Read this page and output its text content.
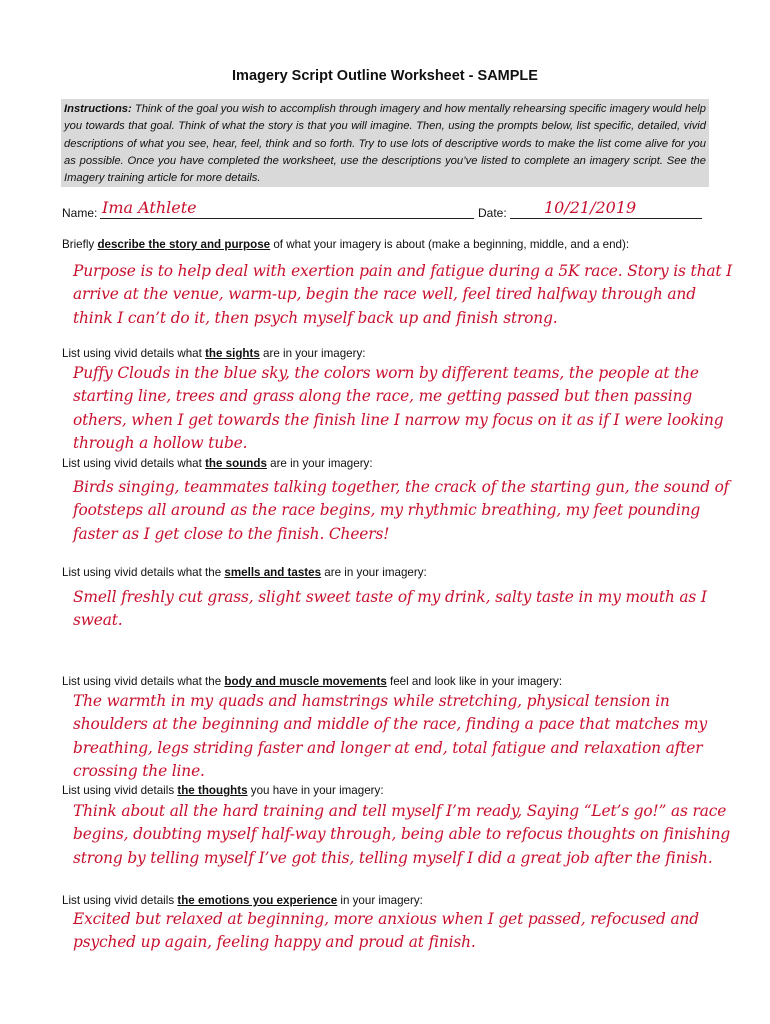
Imagery Script Outline Worksheet - SAMPLE
Instructions: Think of the goal you wish to accomplish through imagery and how mentally rehearsing specific imagery would help you towards that goal. Think of what the story is that you will imagine. Then, using the prompts below, list specific, detailed, vivid descriptions of what you see, hear, feel, think and so forth. Try to use lots of descriptive words to make the list come alive for you as possible. Once you have completed the worksheet, use the descriptions you’ve listed to complete an imagery script. See the Imagery training article for more details.
Name: Ima Athlete	Date: 10/21/2019
Briefly describe the story and purpose of what your imagery is about (make a beginning, middle, and a end):
Purpose is to help deal with exertion pain and fatigue during a 5K race. Story is that I arrive at the venue, warm-up, begin the race well, feel tired halfway through and think I can’t do it, then psych myself back up and finish strong.
List using vivid details what the sights are in your imagery:
Puffy Clouds in the blue sky, the colors worn by different teams, the people at the starting line, trees and grass along the race, me getting passed but then passing others, when I get towards the finish line I narrow my focus on it as if I were looking through a hollow tube.
List using vivid details what the sounds are in your imagery:
Birds singing, teammates talking together, the crack of the starting gun, the sound of footsteps all around as the race begins, my rhythmic breathing, my feet pounding faster as I get close to the finish. Cheers!
List using vivid details what the smells and tastes are in your imagery:
Smell freshly cut grass, slight sweet taste of my drink, salty taste in my mouth as I sweat.
List using vivid details what the body and muscle movements feel and look like in your imagery:
The warmth in my quads and hamstrings while stretching, physical tension in shoulders at the beginning and middle of the race, finding a pace that matches my breathing, legs striding faster and longer at end, total fatigue and relaxation after crossing the line.
List using vivid details the thoughts you have in your imagery:
Think about all the hard training and tell myself I’m ready, Saying “Let’s go!” as race begins, doubting myself half-way through, being able to refocus thoughts on finishing strong by telling myself I’ve got this, telling myself I did a great job after the finish.
List using vivid details the emotions you experience in your imagery:
Excited but relaxed at beginning, more anxious when I get passed, refocused and psyched up again, feeling happy and proud at finish.
